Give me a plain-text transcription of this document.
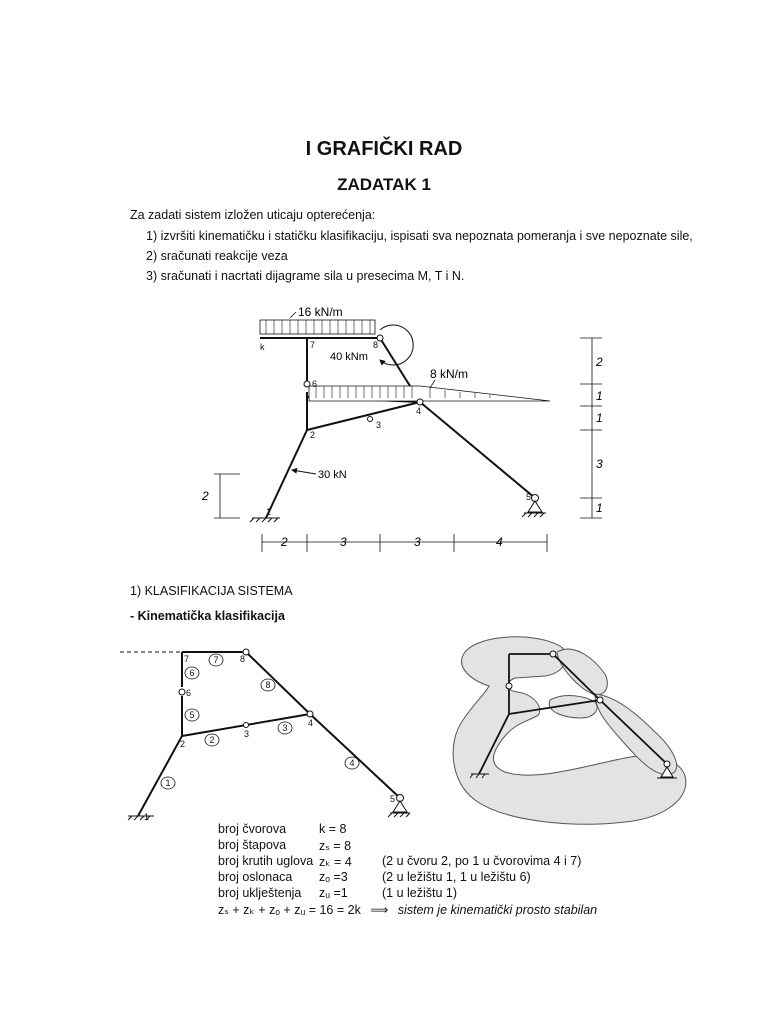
I GRAFIČKI RAD
ZADATAK 1
Za zadati sistem izložen uticaju opterećenja:
1) izvršiti kinematičku i statičku klasifikaciju, ispisati sva nepoznata pomeranja i sve nepoznate sile,
2) sračunati reakcije veza
3) sračunati i nacrtati dijagrame sila u presecima M, T i N.
16 kN/m
8 kN/m
40 kNm
30 kN
k	7	8
6
4
3
2
1
5
2	3	3	4
2
1
1
3
1
2
1) KLASIFIKACIJA SISTEMA
- Kinematička klasifikacija
7	8
6
2
3
4
5
1
1
2
3
4
5
6
7
8
broj čvorova	k = 8
broj štapova	zₛ = 8
broj krutih uglova zₖ = 4 (2 u čvoru 2, po 1 u čvorovima 4 i 7)
broj oslonaca zₒ =3	(2 u ležištu 1, 1 u ležištu 6)
broj uklještenja zᵤ =1	(1 u ležištu 1)
zₛ + zₖ + zₒ + zᵤ = 16 = 2k ⟹ sistem je kinematički prosto stabilan
